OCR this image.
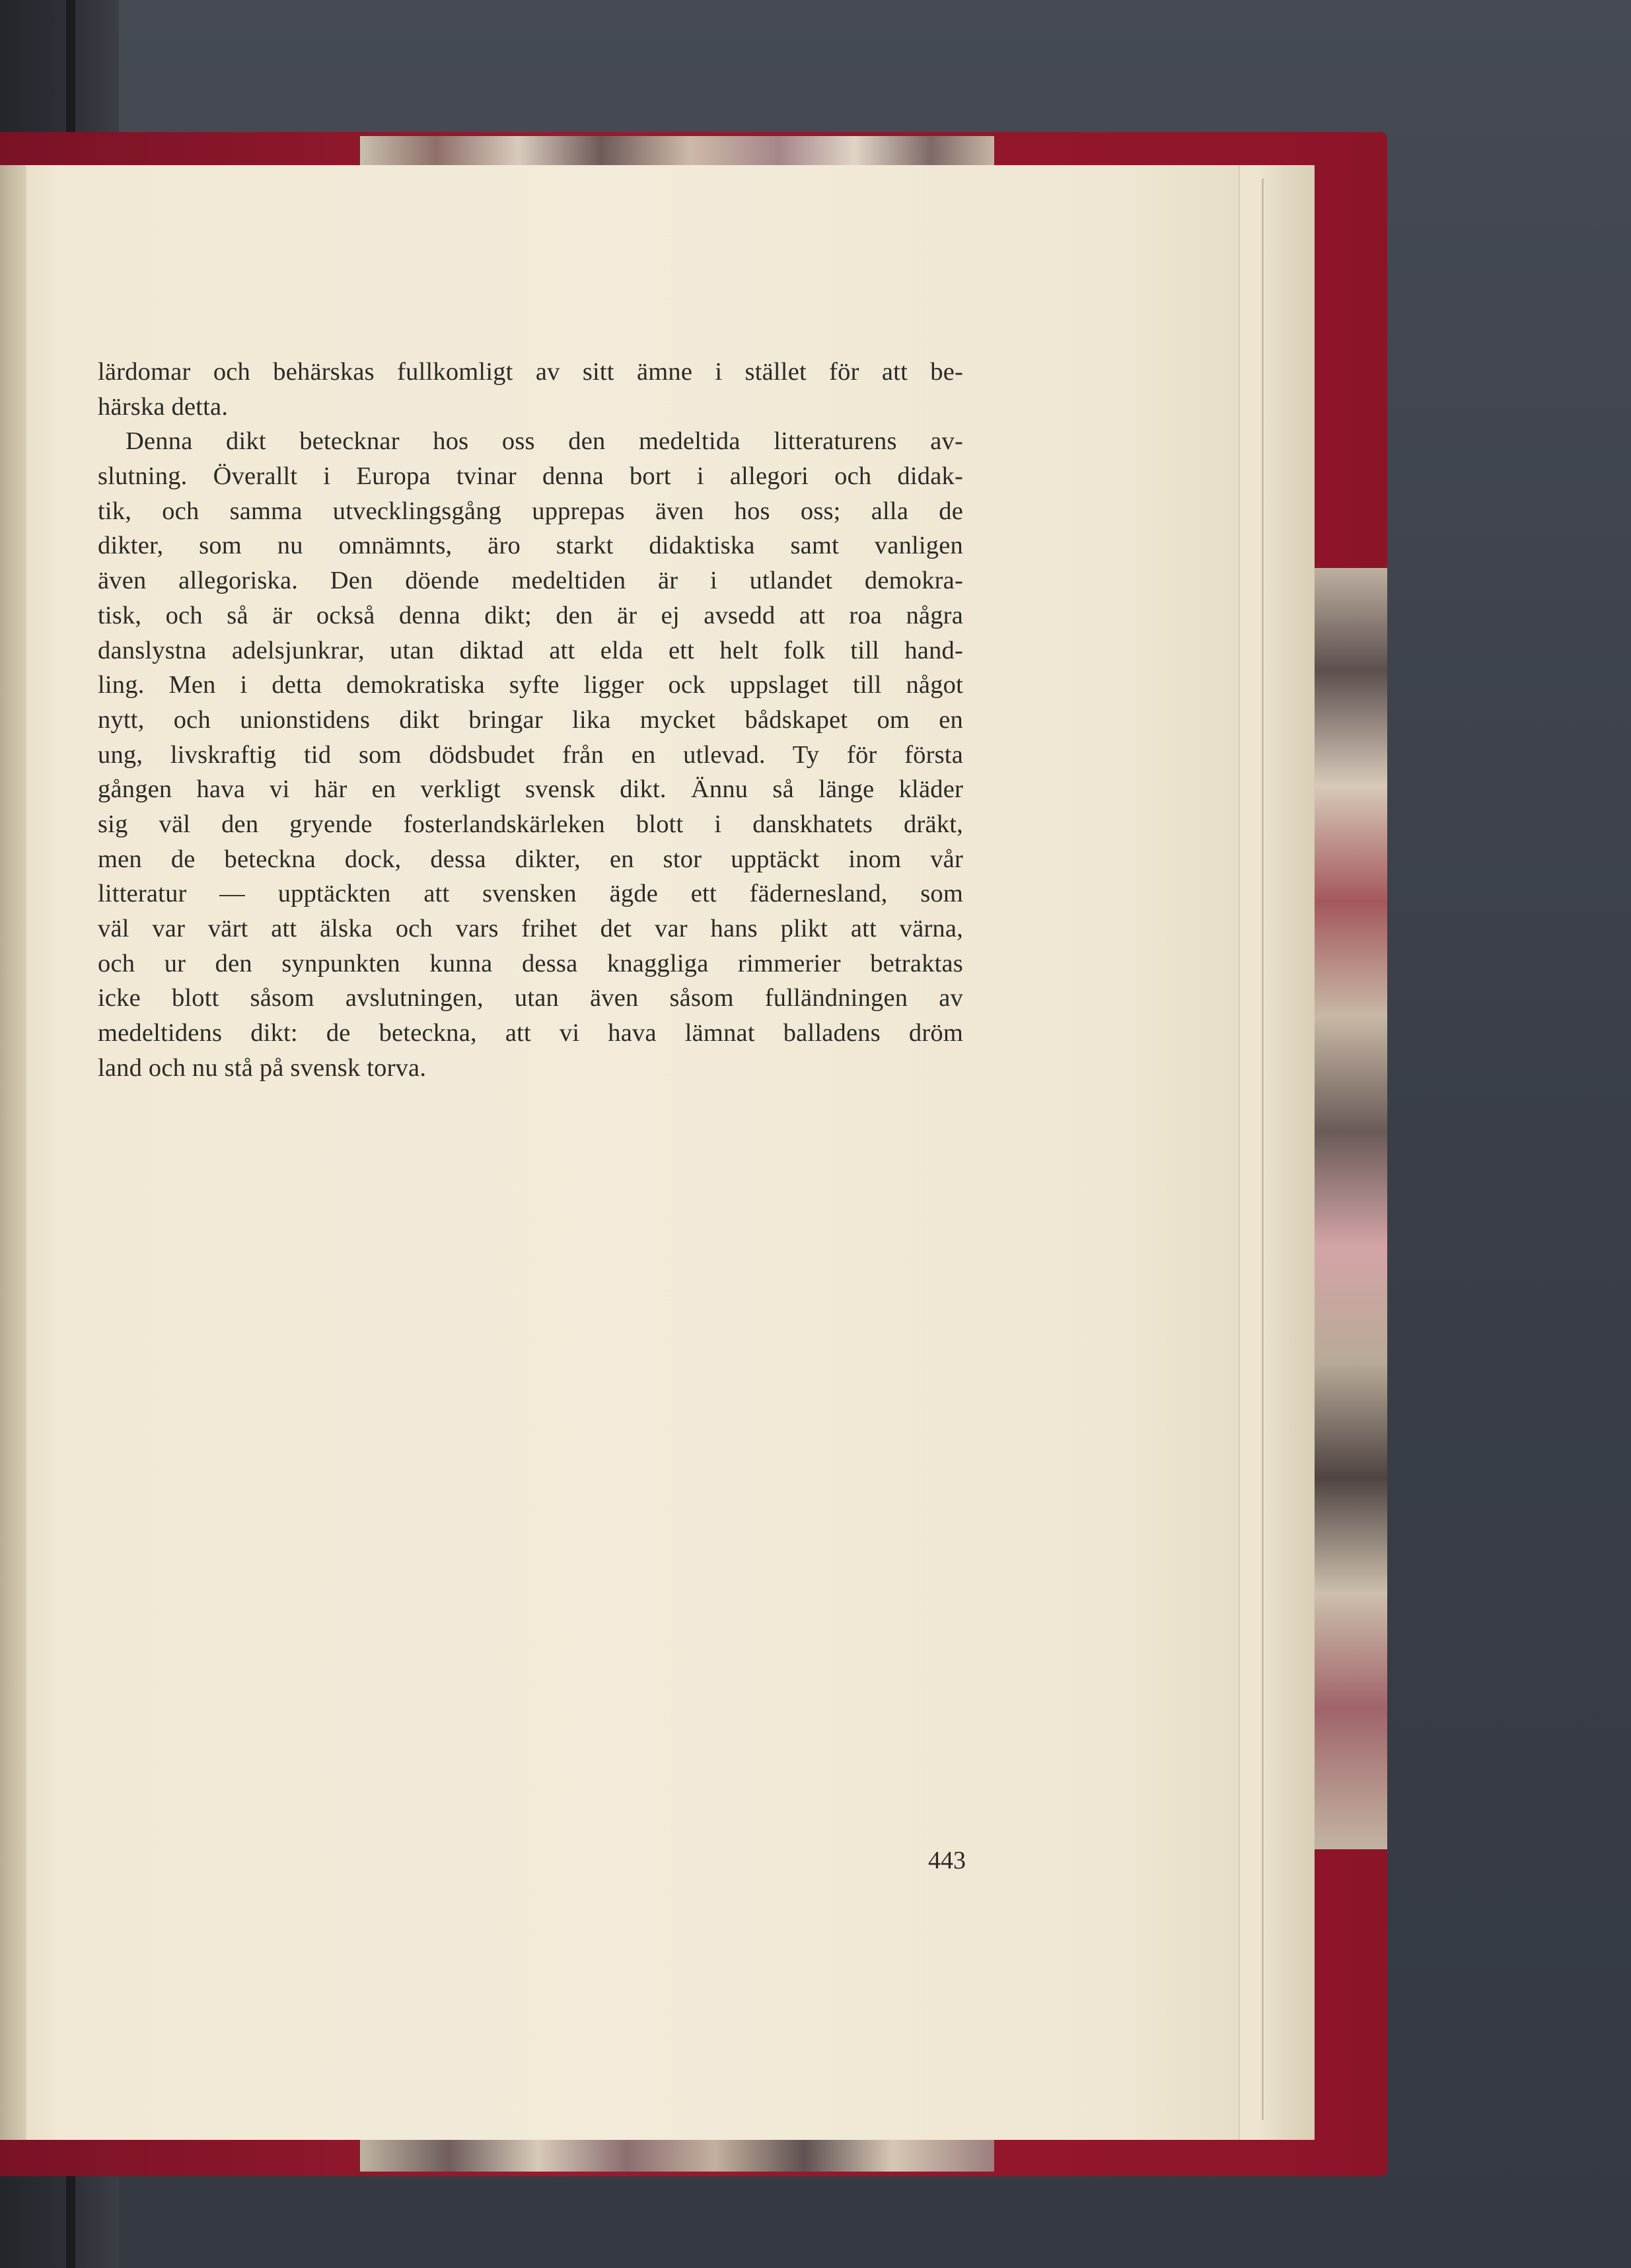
lärdomar och behärskas fullkomligt av sitt ämne i stället för att be-
härska detta.
Denna dikt betecknar hos oss den medeltida litteraturens av-
slutning. Överallt i Europa tvinar denna bort i allegori och didak-
tik, och samma utvecklingsgång upprepas även hos oss; alla de
dikter, som nu omnämnts, äro starkt didaktiska samt vanligen
även allegoriska. Den döende medeltiden är i utlandet demokra-
tisk, och så är också denna dikt; den är ej avsedd att roa några
danslystna adelsjunkrar, utan diktad att elda ett helt folk till hand-
ling. Men i detta demokratiska syfte ligger ock uppslaget till något
nytt, och unionstidens dikt bringar lika mycket bådskapet om en
ung, livskraftig tid som dödsbudet från en utlevad. Ty för första
gången hava vi här en verkligt svensk dikt. Ännu så länge kläder
sig väl den gryende fosterlandskärleken blott i danskhatets dräkt,
men de beteckna dock, dessa dikter, en stor upptäckt inom vår
litteratur — upptäckten att svensken ägde ett fädernesland, som
väl var värt att älska och vars frihet det var hans plikt att värna,
och ur den synpunkten kunna dessa knaggliga rimmerier betraktas
icke blott såsom avslutningen, utan även såsom fulländningen av
medeltidens dikt: de beteckna, att vi hava lämnat balladens dröm
land och nu stå på svensk torva.
443
